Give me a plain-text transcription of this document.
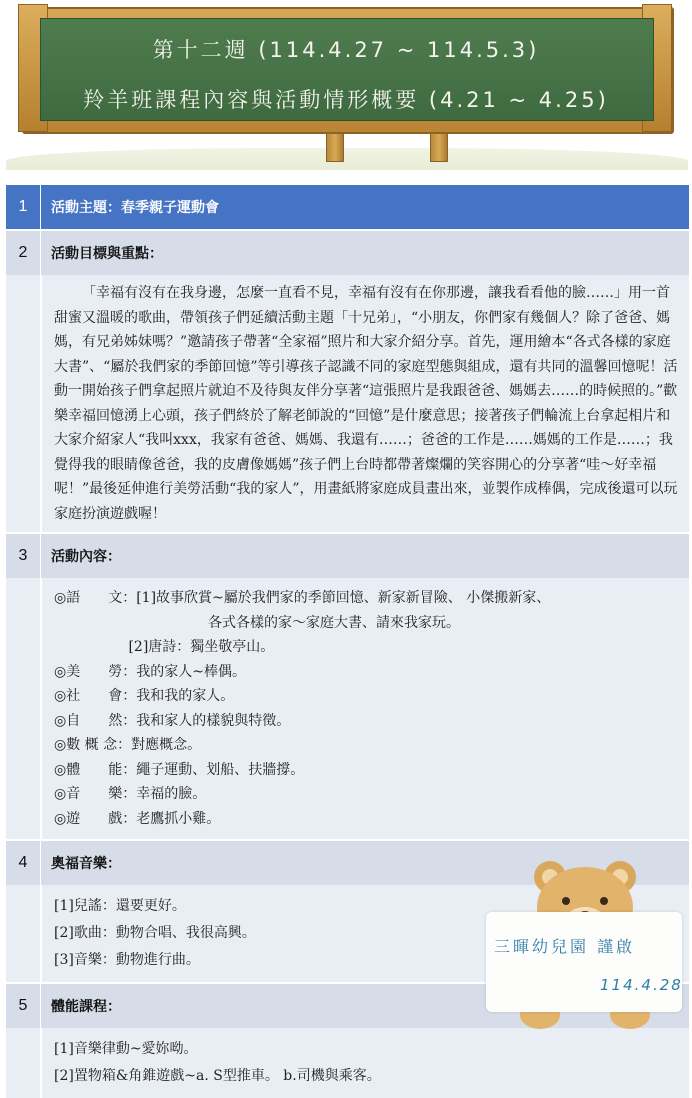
第十二週 (114.4.27 ~ 114.5.3)
羚羊班課程內容與活動情形概要 (4.21 ~ 4.25)
1	活動主題：春季親子運動會
2	活動目標與重點：
「幸福有沒有在我身邊，怎麼一直看不見，幸福有沒有在你那邊，讓我看看他的臉……」用一首甜蜜又溫暖的歌曲，帶領孩子們延續活動主題「十兄弟」，“小朋友，你們家有幾個人？除了爸爸、媽媽，有兄弟姊妹嗎？”邀請孩子帶著“全家福”照片和大家介紹分享。首先，運用繪本“各式各樣的家庭大書”、“屬於我們家的季節回憶”等引導孩子認識不同的家庭型態與組成，還有共同的溫馨回憶呢！活動一開始孩子們拿起照片就迫不及待與友伴分享著“這張照片是我跟爸爸、媽媽去……的時候照的。”歡樂幸福回憶湧上心頭，孩子們終於了解老師說的“回憶”是什麼意思；接著孩子們輪流上台拿起相片和大家介紹家人“我叫xxx，我家有爸爸、媽媽、我還有……；爸爸的工作是……媽媽的工作是……；我覺得我的眼睛像爸爸，我的皮膚像媽媽”孩子們上台時都帶著燦爛的笑容開心的分享著“哇～好幸福呢！”最後延伸進行美勞活動“我的家人”，用畫紙將家庭成員畫出來，並製作成棒偶，完成後還可以玩家庭扮演遊戲喔！
3	活動內容：
◎語　　文：[1]故事欣賞~屬於我們家的季節回憶、新家新冒險、 小傑搬新家、
　　　　　　　　　　　各式各樣的家～家庭大書、請來我家玩。
　　　　　 [2]唐詩：獨坐敬亭山。
◎美　　勞：我的家人~棒偶。
◎社　　會：我和我的家人。
◎自　　然：我和家人的樣貌與特徵。
◎數 概 念：對應概念。
◎體　　能：繩子運動、划船、扶牆撐。
◎音　　樂：幸福的臉。
◎遊　　戲：老鷹抓小雞。
4	奧福音樂：
[1]兒謠：還要更好。
[2]歌曲：動物合唱、我很高興。
[3]音樂：動物進行曲。
5	體能課程：
[1]音樂律動~愛妳呦。
[2]置物箱&角錐遊戲~a. S型推車。 b.司機與乘客。
三暉幼兒園 謹啟
114.4.28
